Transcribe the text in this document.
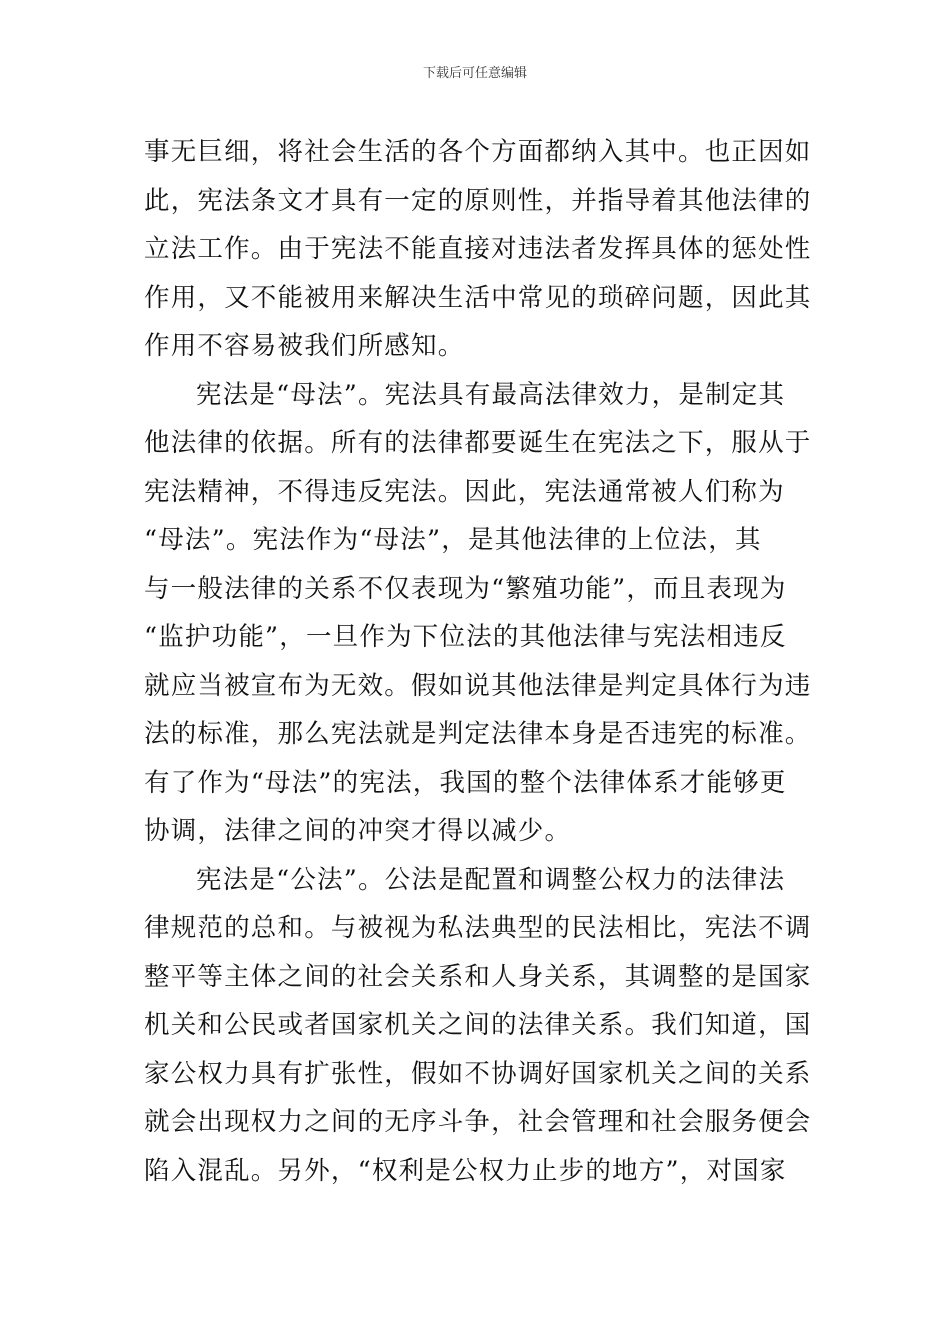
下载后可任意编辑
事无巨细，将社会生活的各个方面都纳入其中。也正因如
此，宪法条文才具有一定的原则性，并指导着其他法律的
立法工作。由于宪法不能直接对违法者发挥具体的惩处性
作用，又不能被用来解决生活中常见的琐碎问题，因此其
作用不容易被我们所感知。
宪法是“母法”。宪法具有最高法律效力，是制定其
他法律的依据。所有的法律都要诞生在宪法之下，服从于
宪法精神，不得违反宪法。因此，宪法通常被人们称为
“母法”。宪法作为“母法”，是其他法律的上位法，其
与一般法律的关系不仅表现为“繁殖功能”，而且表现为
“监护功能”，一旦作为下位法的其他法律与宪法相违反
就应当被宣布为无效。假如说其他法律是判定具体行为违
法的标准，那么宪法就是判定法律本身是否违宪的标准。
有了作为“母法”的宪法，我国的整个法律体系才能够更
协调，法律之间的冲突才得以减少。
宪法是“公法”。公法是配置和调整公权力的法律法
律规范的总和。与被视为私法典型的民法相比，宪法不调
整平等主体之间的社会关系和人身关系，其调整的是国家
机关和公民或者国家机关之间的法律关系。我们知道，国
家公权力具有扩张性，假如不协调好国家机关之间的关系
就会出现权力之间的无序斗争，社会管理和社会服务便会
陷入混乱。另外，“权利是公权力止步的地方”，对国家
